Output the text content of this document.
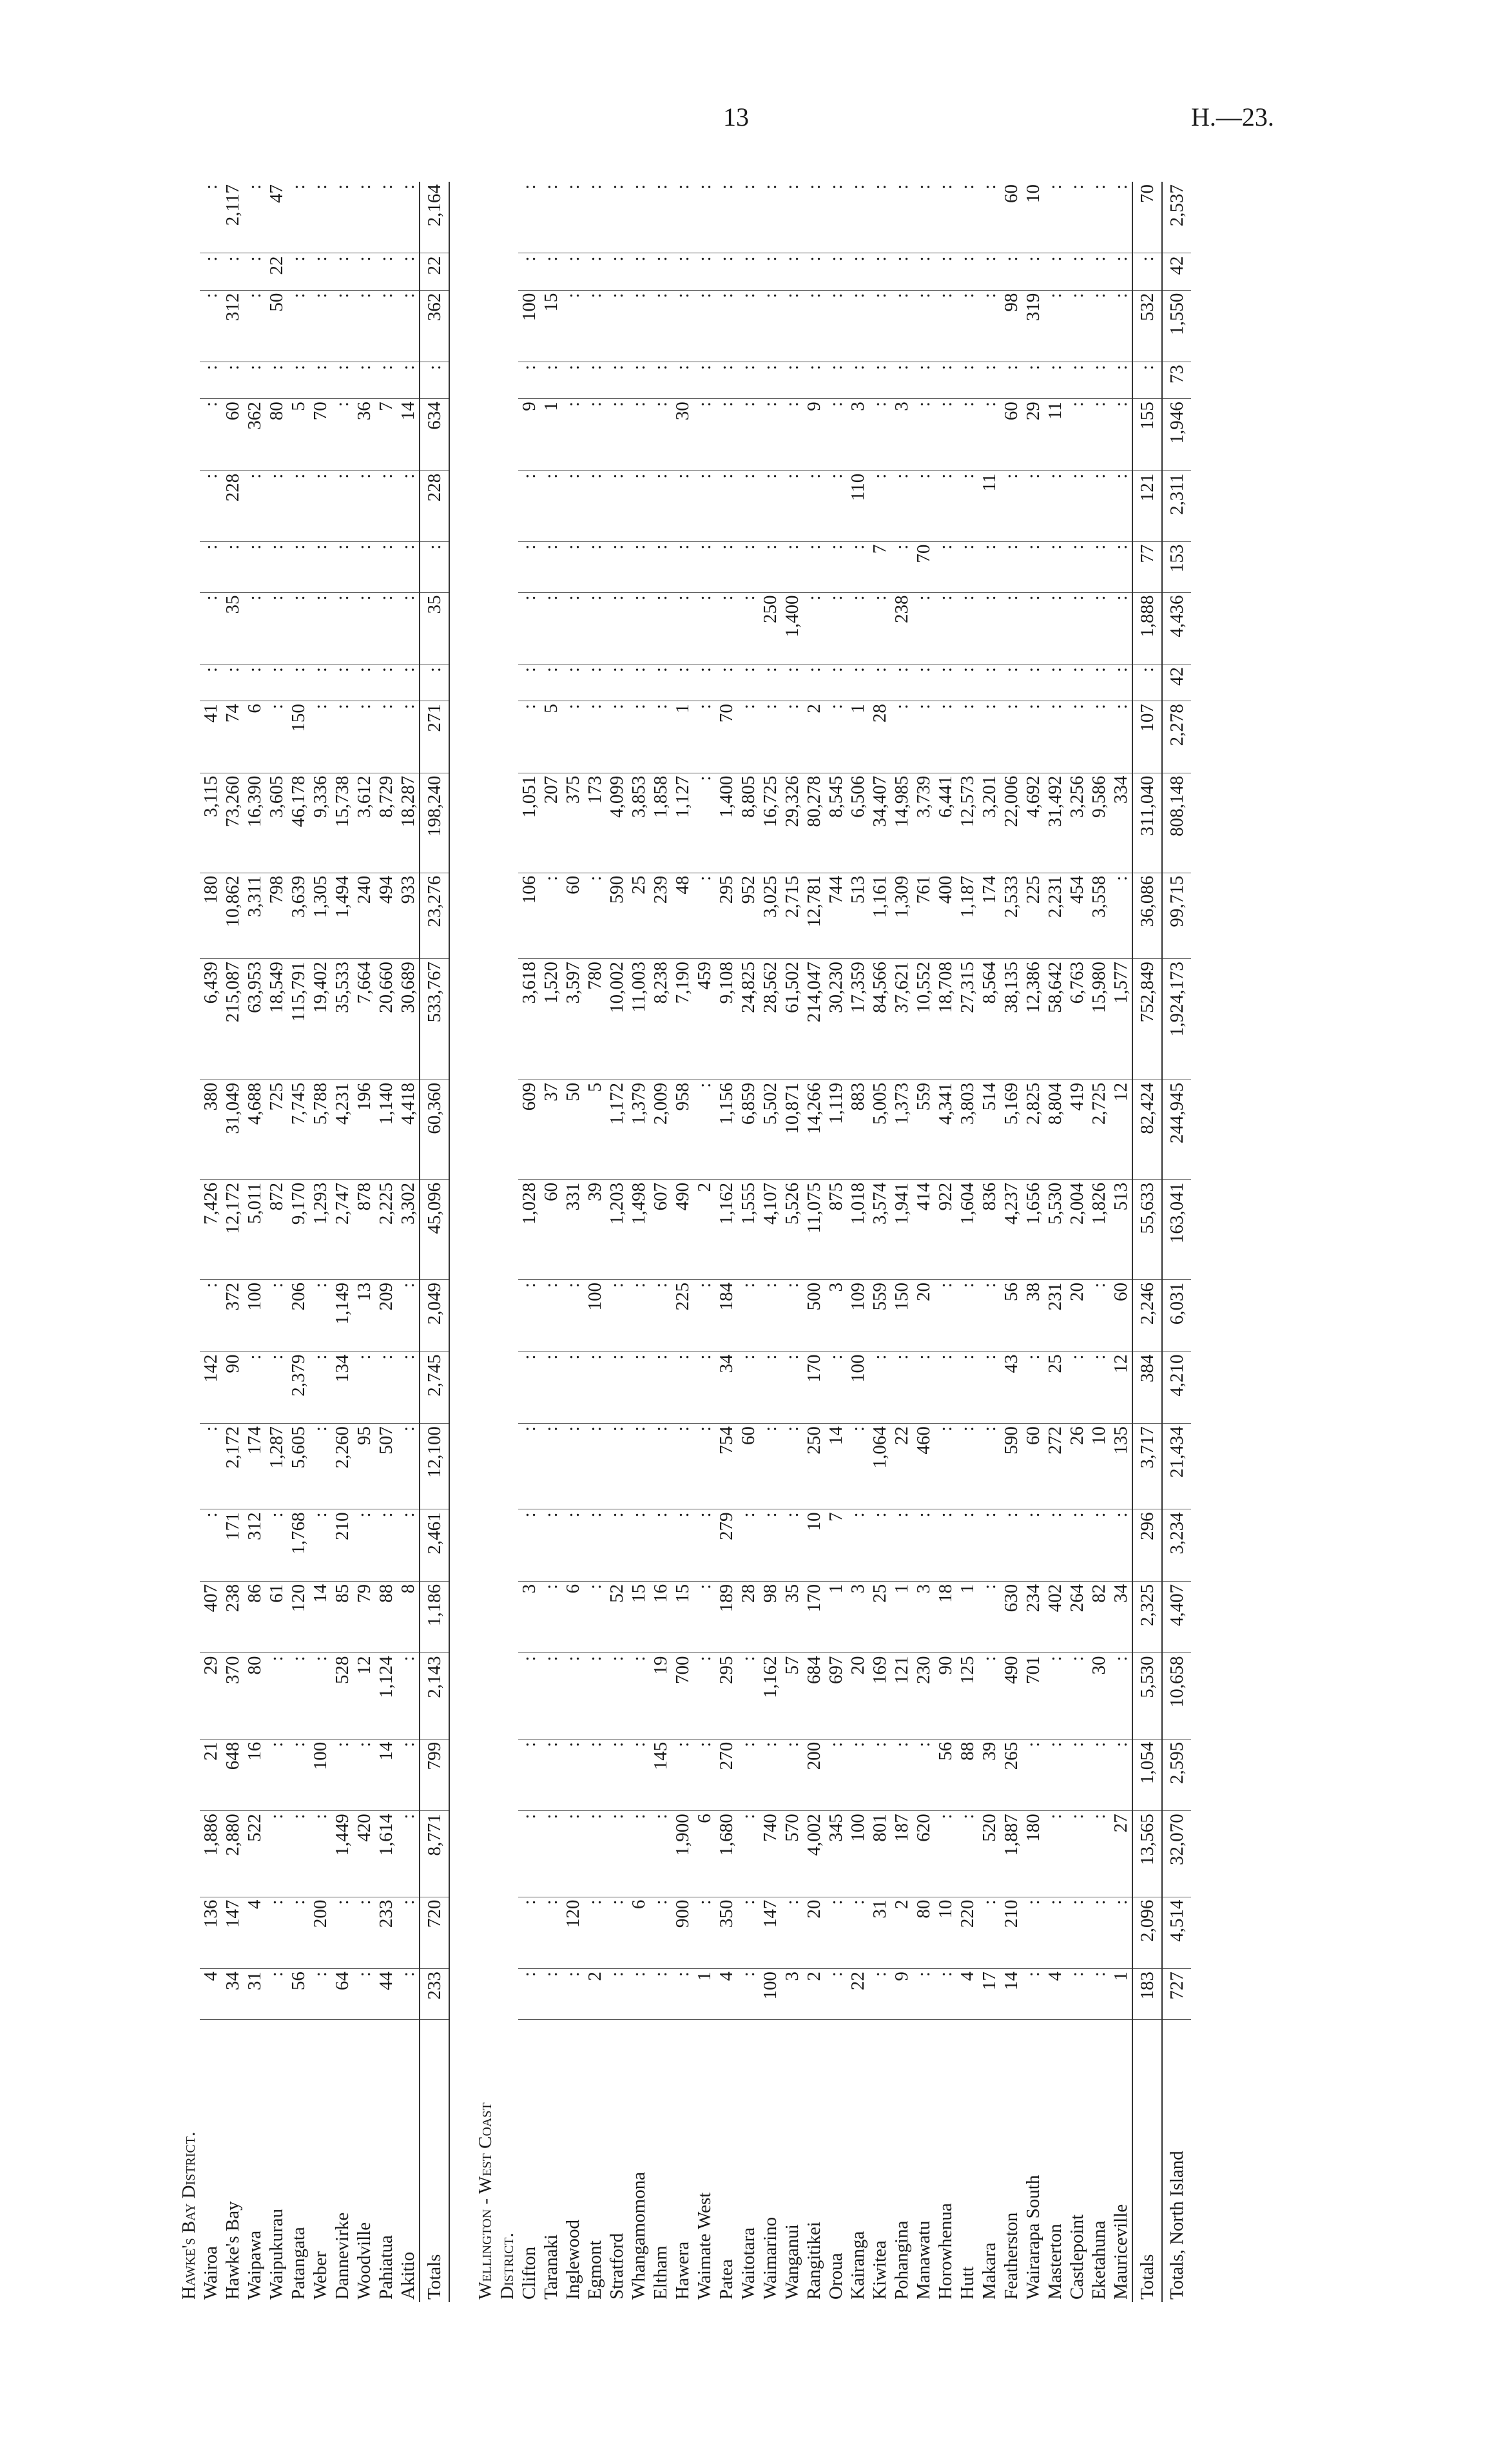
13	H.—23.
Hawke's Bay District.																									
Wairoa	4	136	1,886	21	29	407	:	:	142	:	7,426	380	6,439	180	3,115	41	:	:	:	:	:	:	:	:	:
Hawke's Bay	34	147	2,880	648	370	238	171	2,172	90	372	12,172	31,049	215,087	10,862	73,260	74	:	35	:	228	60	:	312	:	2,117
Waipawa	31	4	522	16	80	86	312	174	:	100	5,011	4,688	63,953	3,311	16,390	6	:	:	:	:	362	:	:	:	:
Waipukurau	:	:	:	:	:	61	:	1,287	:	:	872	725	18,549	798	3,605	:	:	:	:	:	80	:	50	22	47
Patangata	56	:	:	:	:	120	1,768	5,605	2,379	206	9,170	7,745	115,791	3,639	46,178	150	:	:	:	:	5	:	:	:	:
Weber	:	200	:	100	:	14	:	:	:	:	1,293	5,788	19,402	1,305	9,336	:	:	:	:	:	70	:	:	:	:
Dannevirke	64	:	1,449	:	528	85	210	2,260	134	1,149	2,747	4,231	35,533	1,494	15,738	:	:	:	:	:	:	:	:	:	:
Woodville	:	:	420	:	12	79	:	95	:	13	878	196	7,664	240	3,612	:	:	:	:	:	36	:	:	:	:
Pahiatua	44	233	1,614	14	1,124	88	:	507	:	209	2,225	1,140	20,660	494	8,729	:	:	:	:	:	7	:	:	:	:
Akitio	:	:	:	:	:	8	:	:	:	:	3,302	4,418	30,689	933	18,287	:	:	:	:	:	14	:	:	:	:
Totals	233	720	8,771	799	2,143	1,186	2,461	12,100	2,745	2,049	45,096	60,360	533,767	23,276	198,240	271	:	35	:	228	634	:	362	22	2,164

Wellington - West Coast																									
District.																									
Clifton	:	:	:	:	:	3	:	:	:	:	1,028	609	3,618	106	1,051	:	:	:	:	:	9	:	100	:	:
Taranaki	:	:	:	:	:	:	:	:	:	:	60	37	1,520	:	207	5	:	:	:	:	1	:	15	:	:
Inglewood	:	120	:	:	:	6	:	:	:	:	331	50	3,597	60	375	:	:	:	:	:	:	:	:	:	:
Egmont	2	:	:	:	:	:	:	:	:	100	39	5	780	:	173	:	:	:	:	:	:	:	:	:	:
Stratford	:	:	:	:	:	52	:	:	:	:	1,203	1,172	10,002	590	4,099	:	:	:	:	:	:	:	:	:	:
Whangamomona	:	6	:	:	:	15	:	:	:	:	1,498	1,379	11,003	25	3,853	:	:	:	:	:	:	:	:	:	:
Eltham	:	:	:	145	19	16	:	:	:	:	607	2,009	8,238	239	1,858	:	:	:	:	:	:	:	:	:	:
Hawera	:	900	1,900	:	700	15	:	:	:	225	490	958	7,190	48	1,127	1	:	:	:	:	30	:	:	:	:
Waimate West	1	:	6	:	:	:	:	:	:	:	2	:	459	:	:	:	:	:	:	:	:	:	:	:	:
Patea	4	350	1,680	270	295	189	279	754	34	184	1,162	1,156	9,108	295	1,400	70	:	:	:	:	:	:	:	:	:
Waitotara	:	:	:	:	:	28	:	60	:	:	1,555	6,859	24,825	952	8,805	:	:	:	:	:	:	:	:	:	:
Waimarino	100	147	740	:	1,162	98	:	:	:	:	4,107	5,502	28,562	3,025	16,725	:	:	250	:	:	:	:	:	:	:
Wanganui	3	:	570	:	57	35	:	:	:	:	5,526	10,871	61,502	2,715	29,326	:	:	1,400	:	:	:	:	:	:	:
Rangitikei	2	20	4,002	200	684	170	10	250	170	500	11,075	14,266	214,047	12,781	80,278	2	:	:	:	:	9	:	:	:	:
Oroua	:	:	345	:	697	1	7	14	:	3	875	1,119	30,230	744	8,545	:	:	:	:	:	:	:	:	:	:
Kairanga	22	:	100	:	20	3	:	:	100	109	1,018	883	17,359	513	6,506	1	:	:	:	110	3	:	:	:	:
Kiwitea	:	31	801	:	169	25	:	1,064	:	559	3,574	5,005	84,566	1,161	34,407	28	:	:	7	:	:	:	:	:	:
Pohangina	9	2	187	:	121	1	:	22	:	150	1,941	1,373	37,621	1,309	14,985	:	:	238	:	:	3	:	:	:	:
Manawatu	:	80	620	:	230	3	:	460	:	20	414	559	10,552	761	3,739	:	:	:	70	:	:	:	:	:	:
Horowhenua	:	10	:	56	90	18	:	:	:	:	922	4,341	18,708	400	6,441	:	:	:	:	:	:	:	:	:	:
Hutt	4	220	:	88	125	1	:	:	:	:	1,604	3,803	27,315	1,187	12,573	:	:	:	:	:	:	:	:	:	:
Makara	17	:	520	39	:	:	:	:	:	:	836	514	8,564	174	3,201	:	:	:	:	11	:	:	:	:	:
Featherston	14	210	1,887	265	490	630	:	590	43	56	4,237	5,169	38,135	2,533	22,006	:	:	:	:	:	60	:	98	:	60
Wairarapa South	:	:	180	:	701	234	:	60	:	38	1,656	2,825	12,386	225	4,692	:	:	:	:	:	29	:	319	:	10
Masterton	4	:	:	:	:	402	:	272	25	231	5,530	8,804	58,642	2,231	31,492	:	:	:	:	:	11	:	:	:	:
Castlepoint	:	:	:	:	:	264	:	26	:	20	2,004	419	6,763	454	3,256	:	:	:	:	:	:	:	:	:	:
Eketahuna	:	:	:	:	30	82	:	10	:	:	1,826	2,725	15,980	3,558	9,586	:	:	:	:	:	:	:	:	:	:
Mauriceville	1	:	27	:	:	34	:	135	12	60	513	12	1,577	:	334	:	:	:	:	:	:	:	:	:	:
Totals	183	2,096	13,565	1,054	5,530	2,325	296	3,717	384	2,246	55,633	82,424	752,849	36,086	311,040	107	:	1,888	77	121	155	:	532	:	70
Totals, North Island	727	4,514	32,070	2,595	10,658	4,407	3,234	21,434	4,210	6,031	163,041	244,945	1,924,173	99,715	808,148	2,278	42	4,436	153	2,311	1,946	73	1,550	42	2,537
